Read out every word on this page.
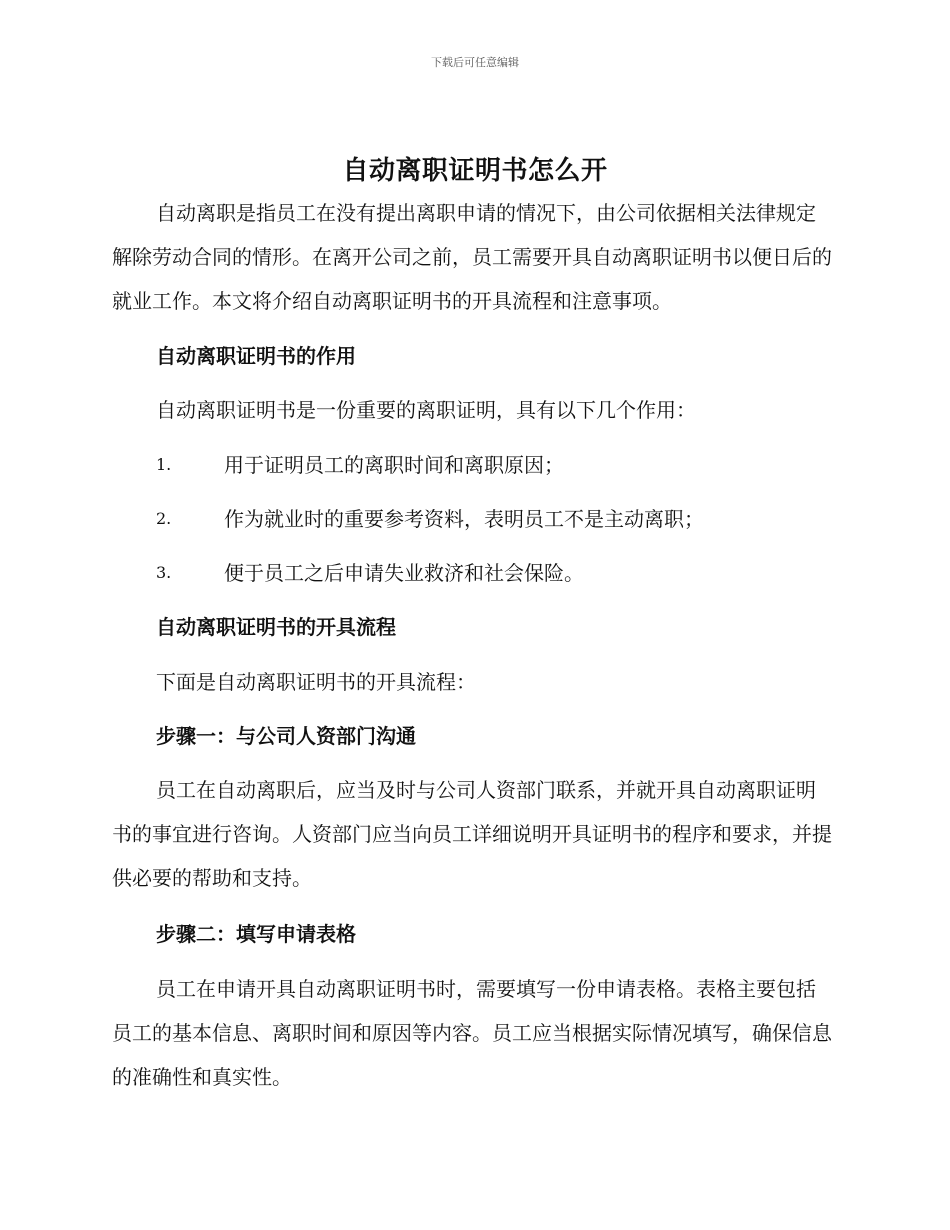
下载后可任意编辑
自动离职证明书怎么开

自动离职是指员工在没有提出离职申请的情况下，由公司依据相关法律规定解除劳动合同的情形。在离开公司之前，员工需要开具自动离职证明书以便日后的就业工作。本文将介绍自动离职证明书的开具流程和注意事项。

自动离职证明书的作用
自动离职证明书是一份重要的离职证明，具有以下几个作用：
1.	用于证明员工的离职时间和离职原因；
2.	作为就业时的重要参考资料，表明员工不是主动离职；
3.	便于员工之后申请失业救济和社会保险。
自动离职证明书的开具流程
下面是自动离职证明书的开具流程：
步骤一：与公司人资部门沟通

员工在自动离职后，应当及时与公司人资部门联系，并就开具自动离职证明书的事宜进行咨询。人资部门应当向员工详细说明开具证明书的程序和要求，并提供必要的帮助和支持。

步骤二：填写申请表格

员工在申请开具自动离职证明书时，需要填写一份申请表格。表格主要包括员工的基本信息、离职时间和原因等内容。员工应当根据实际情况填写，确保信息的准确性和真实性。
